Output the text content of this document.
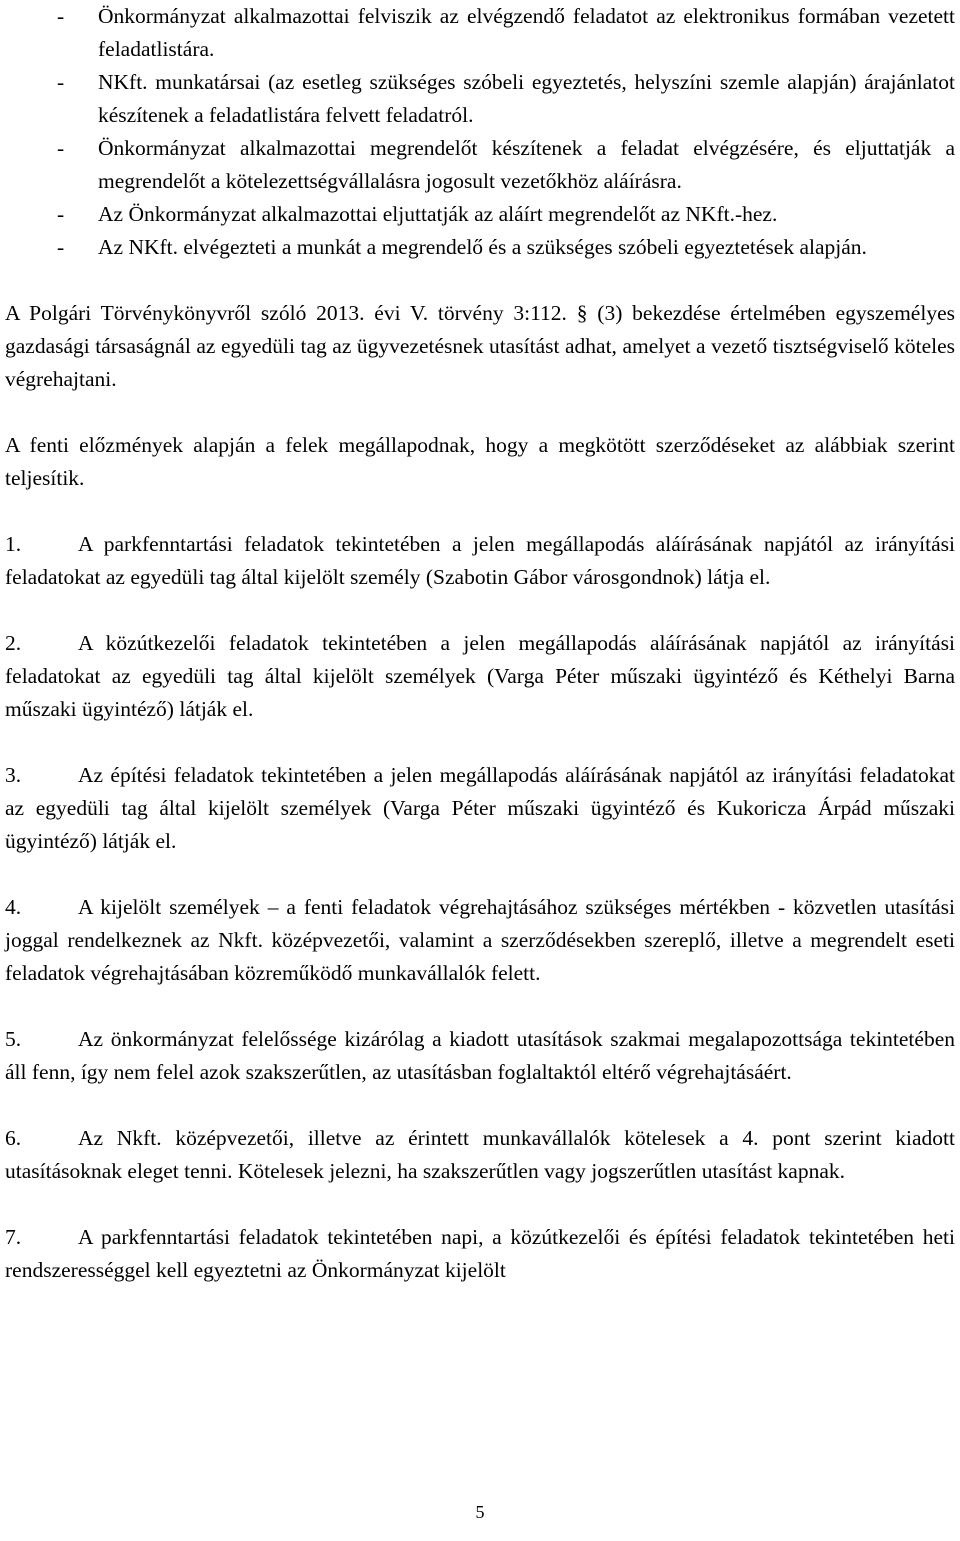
- Önkormányzat alkalmazottai felviszik az elvégzendő feladatot az elektronikus formában vezetett feladatlistára.
- NKft. munkatársai (az esetleg szükséges szóbeli egyeztetés, helyszíni szemle alapján) árajánlatot készítenek a feladatlistára felvett feladatról.
- Önkormányzat alkalmazottai megrendelőt készítenek a feladat elvégzésére, és eljuttatják a megrendelőt a kötelezettségvállalásra jogosult vezetőkhöz aláírásra.
- Az Önkormányzat alkalmazottai eljuttatják az aláírt megrendelőt az NKft.-hez.
- Az NKft. elvégezteti a munkát a megrendelő és a szükséges szóbeli egyeztetések alapján.

A Polgári Törvénykönyvről szóló 2013. évi V. törvény 3:112. § (3) bekezdése értelmében egyszemélyes gazdasági társaságnál az egyedüli tag az ügyvezetésnek utasítást adhat, amelyet a vezető tisztségviselő köteles végrehajtani.

A fenti előzmények alapján a felek megállapodnak, hogy a megkötött szerződéseket az alábbiak szerint teljesítik.

1.	A parkfenntartási feladatok tekintetében a jelen megállapodás aláírásának napjától az irányítási feladatokat az egyedüli tag által kijelölt személy (Szabotin Gábor városgondnok) látja el.

2.	A közútkezelői feladatok tekintetében a jelen megállapodás aláírásának napjától az irányítási feladatokat az egyedüli tag által kijelölt személyek (Varga Péter műszaki ügyintéző és Kéthelyi Barna műszaki ügyintéző) látják el.

3.	Az építési feladatok tekintetében a jelen megállapodás aláírásának napjától az irányítási feladatokat az egyedüli tag által kijelölt személyek (Varga Péter műszaki ügyintéző és Kukoricza Árpád műszaki ügyintéző) látják el.

4.	A kijelölt személyek – a fenti feladatok végrehajtásához szükséges mértékben - közvetlen utasítási joggal rendelkeznek az Nkft. középvezetői, valamint a szerződésekben szereplő, illetve a megrendelt eseti feladatok végrehajtásában közreműködő munkavállalók felett.

5.	Az önkormányzat felelőssége kizárólag a kiadott utasítások szakmai megalapozottsága tekintetében áll fenn, így nem felel azok szakszerűtlen, az utasításban foglaltaktól eltérő végrehajtásáért.

6.	Az Nkft. középvezetői, illetve az érintett munkavállalók kötelesek a 4. pont szerint kiadott utasításoknak eleget tenni. Kötelesek jelezni, ha szakszerűtlen vagy jogszerűtlen utasítást kapnak.

7.	A parkfenntartási feladatok tekintetében napi, a közútkezelői és építési feladatok tekintetében heti rendszerességgel kell egyeztetni az Önkormányzat kijelölt

5
